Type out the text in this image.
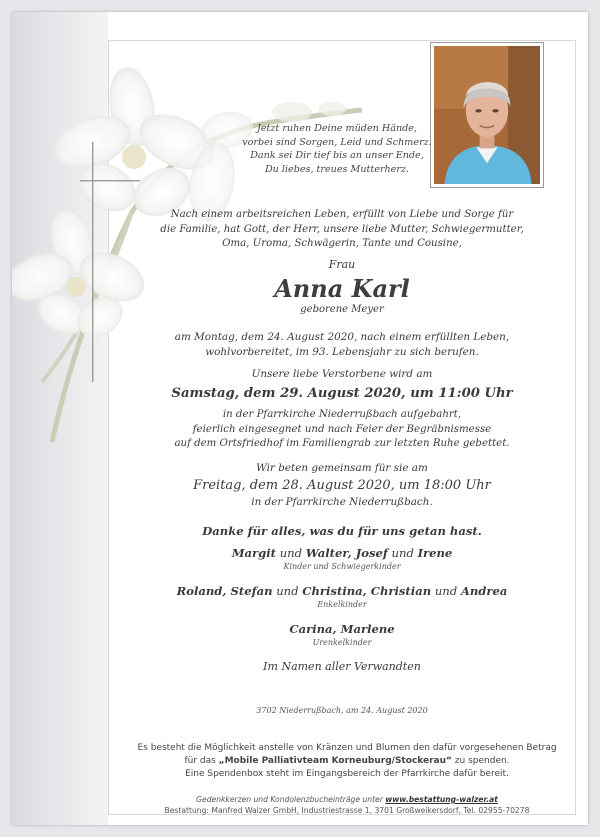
Jetzt ruhen Deine müden Hände,
vorbei sind Sorgen, Leid und Schmerz.
Dank sei Dir tief bis an unser Ende,
Du liebes, treues Mutterherz.
Nach einem arbeitsreichen Leben, erfüllt von Liebe und Sorge für
die Familie, hat Gott, der Herr, unsere liebe Mutter, Schwiegermutter,
Oma, Uroma, Schwägerin, Tante und Cousine,
Frau
Anna Karl
geborene Meyer
am Montag, dem 24. August 2020, nach einem erfüllten Leben,
wohlvorbereitet, im 93. Lebensjahr zu sich berufen.
Unsere liebe Verstorbene wird am
Samstag, dem 29. August 2020, um 11:00 Uhr
in der Pfarrkirche Niederrußbach aufgebahrt,
feierlich eingesegnet und nach Feier der Begräbnismesse
auf dem Ortsfriedhof im Familiengrab zur letzten Ruhe gebettet.
Wir beten gemeinsam für sie am
Freitag, dem 28. August 2020, um 18:00 Uhr
in der Pfarrkirche Niederrußbach.
Danke für alles, was du für uns getan hast.
Margit und Walter, Josef und Irene
Kinder und Schwiegerkinder
Roland, Stefan und Christina, Christian und Andrea
Enkelkinder
Carina, Marlene
Urenkelkinder
Im Namen aller Verwandten
3702 Niederrußbach, am 24. August 2020
Es besteht die Möglichkeit anstelle von Kränzen und Blumen den dafür vorgesehenen Betrag
für das „Mobile Palliativteam Korneuburg/Stockerau“ zu spenden.
Eine Spendenbox steht im Eingangsbereich der Pfarrkirche dafür bereit.
Gedenkkerzen und Kondolenzbucheinträge unter www.bestattung-walzer.at
Bestattung: Manfred Walzer GmbH, Industriestrasse 1, 3701 Großweikersdorf, Tel. 02955-70278
